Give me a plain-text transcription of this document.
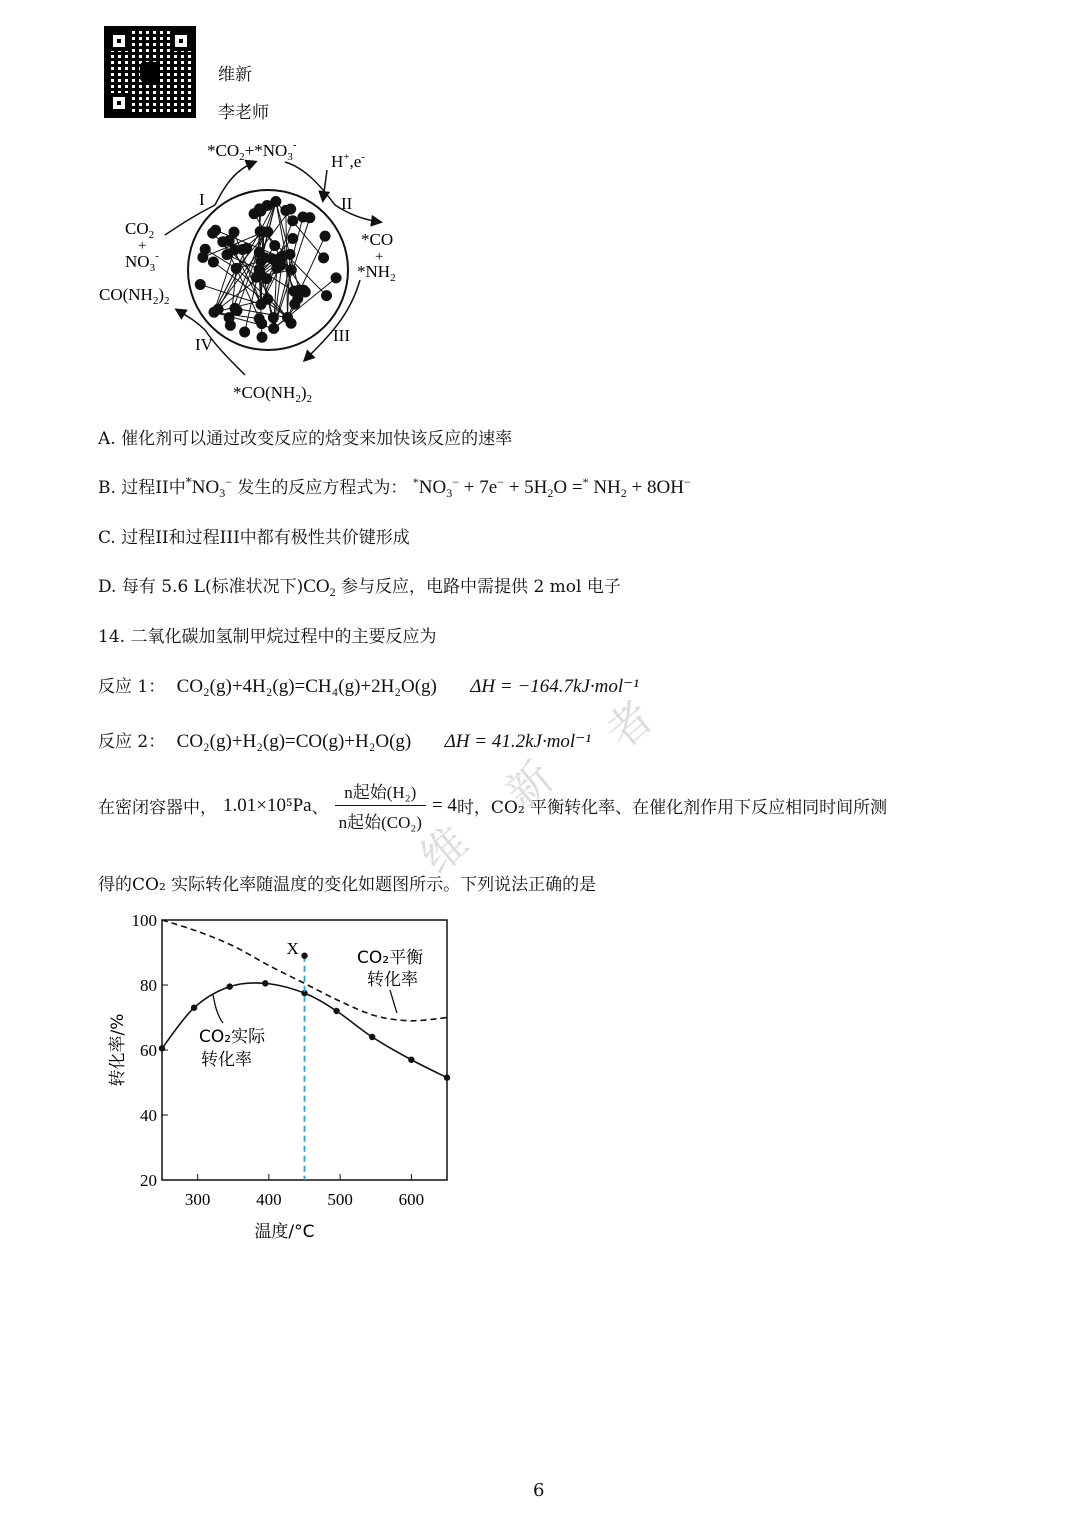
维新
李老师
者
新
维
$*CO_2+*NO_3^-$
H+,e-
I	II
III
IV
$CO_2$
+
$NO_3^-$
$CO(NH_2)_2$
*CO
+
$*NH_2$
$*CO(NH_2)_2$
A. 催化剂可以通过改变反应的焓变来加快该反应的速率
B. 过程II中$^*NO_3^-$ 发生的反应方程式为： $^*NO_3^- + 7e^- + 5H_2O =^*$ $NH_2 + 8OH^-$
C. 过程II和过程III中都有极性共价键形成
D. 每有 5.6 L(标准状况下)$CO_2$ 参与反应，电路中需提供 2 mol 电子
14. 二氧化碳加氢制甲烷过程中的主要反应为
反应 1： CO₂(g)+4H₂(g)=CH₄(g)+2H₂O(g) ΔH = −164.7kJ·mol⁻¹
反应 2： CO₂(g)+H₂(g)=CO(g)+H₂O(g) ΔH = 41.2kJ·mol⁻¹
在密闭容器中， 1.01×10⁵Pa 、 $\frac{\text{n起始(H₂)}}{\text{n起始(CO₂)}} = 4$ 时，CO₂ 平衡转化率、在催化剂作用下反应相同时间所测
得的CO₂ 实际转化率随温度的变化如题图所示。下列说法正确的是
300	400	500	600
20
40
60
80
100
温度/°C
转化率/%
X	CO₂平衡
转化率
CO₂实际
转化率
6
